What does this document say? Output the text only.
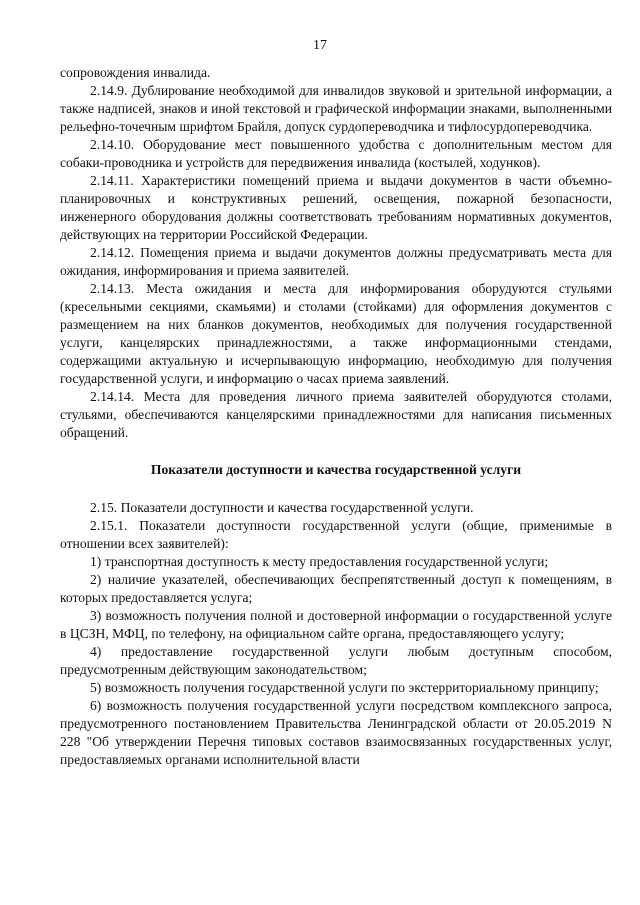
17

сопровождения инвалида.

2.14.9. Дублирование необходимой для инвалидов звуковой и зрительной информации, а также надписей, знаков и иной текстовой и графической информации знаками, выполненными рельефно-точечным шрифтом Брайля, допуск сурдопереводчика и тифлосурдопереводчика.

2.14.10. Оборудование мест повышенного удобства с дополнительным местом для собаки-проводника и устройств для передвижения инвалида (костылей, ходунков).

2.14.11. Характеристики помещений приема и выдачи документов в части объемно-планировочных и конструктивных решений, освещения, пожарной безопасности, инженерного оборудования должны соответствовать требованиям нормативных документов, действующих на территории Российской Федерации.

2.14.12. Помещения приема и выдачи документов должны предусматривать места для ожидания, информирования и приема заявителей.

2.14.13. Места ожидания и места для информирования оборудуются стульями (кресельными секциями, скамьями) и столами (стойками) для оформления документов с размещением на них бланков документов, необходимых для получения государственной услуги, канцелярских принадлежностями, а также информационными стендами, содержащими актуальную и исчерпывающую информацию, необходимую для получения государственной услуги, и информацию о часах приема заявлений.

2.14.14. Места для проведения личного приема заявителей оборудуются столами, стульями, обеспечиваются канцелярскими принадлежностями для написания письменных обращений.

Показатели доступности и качества государственной услуги

2.15. Показатели доступности и качества государственной услуги.

2.15.1. Показатели доступности государственной услуги (общие, применимые в отношении всех заявителей):

1) транспортная доступность к месту предоставления государственной услуги;

2) наличие указателей, обеспечивающих беспрепятственный доступ к помещениям, в которых предоставляется услуга;

3) возможность получения полной и достоверной информации о государственной услуге в ЦСЗН, МФЦ, по телефону, на официальном сайте органа, предоставляющего услугу;

4) предоставление государственной услуги любым доступным способом, предусмотренным действующим законодательством;

5) возможность получения государственной услуги по экстерриториальному принципу;

6) возможность получения государственной услуги посредством комплексного запроса, предусмотренного постановлением Правительства Ленинградской области от 20.05.2019 N 228 "Об утверждении Перечня типовых составов взаимосвязанных государственных услуг, предоставляемых органами исполнительной власти
